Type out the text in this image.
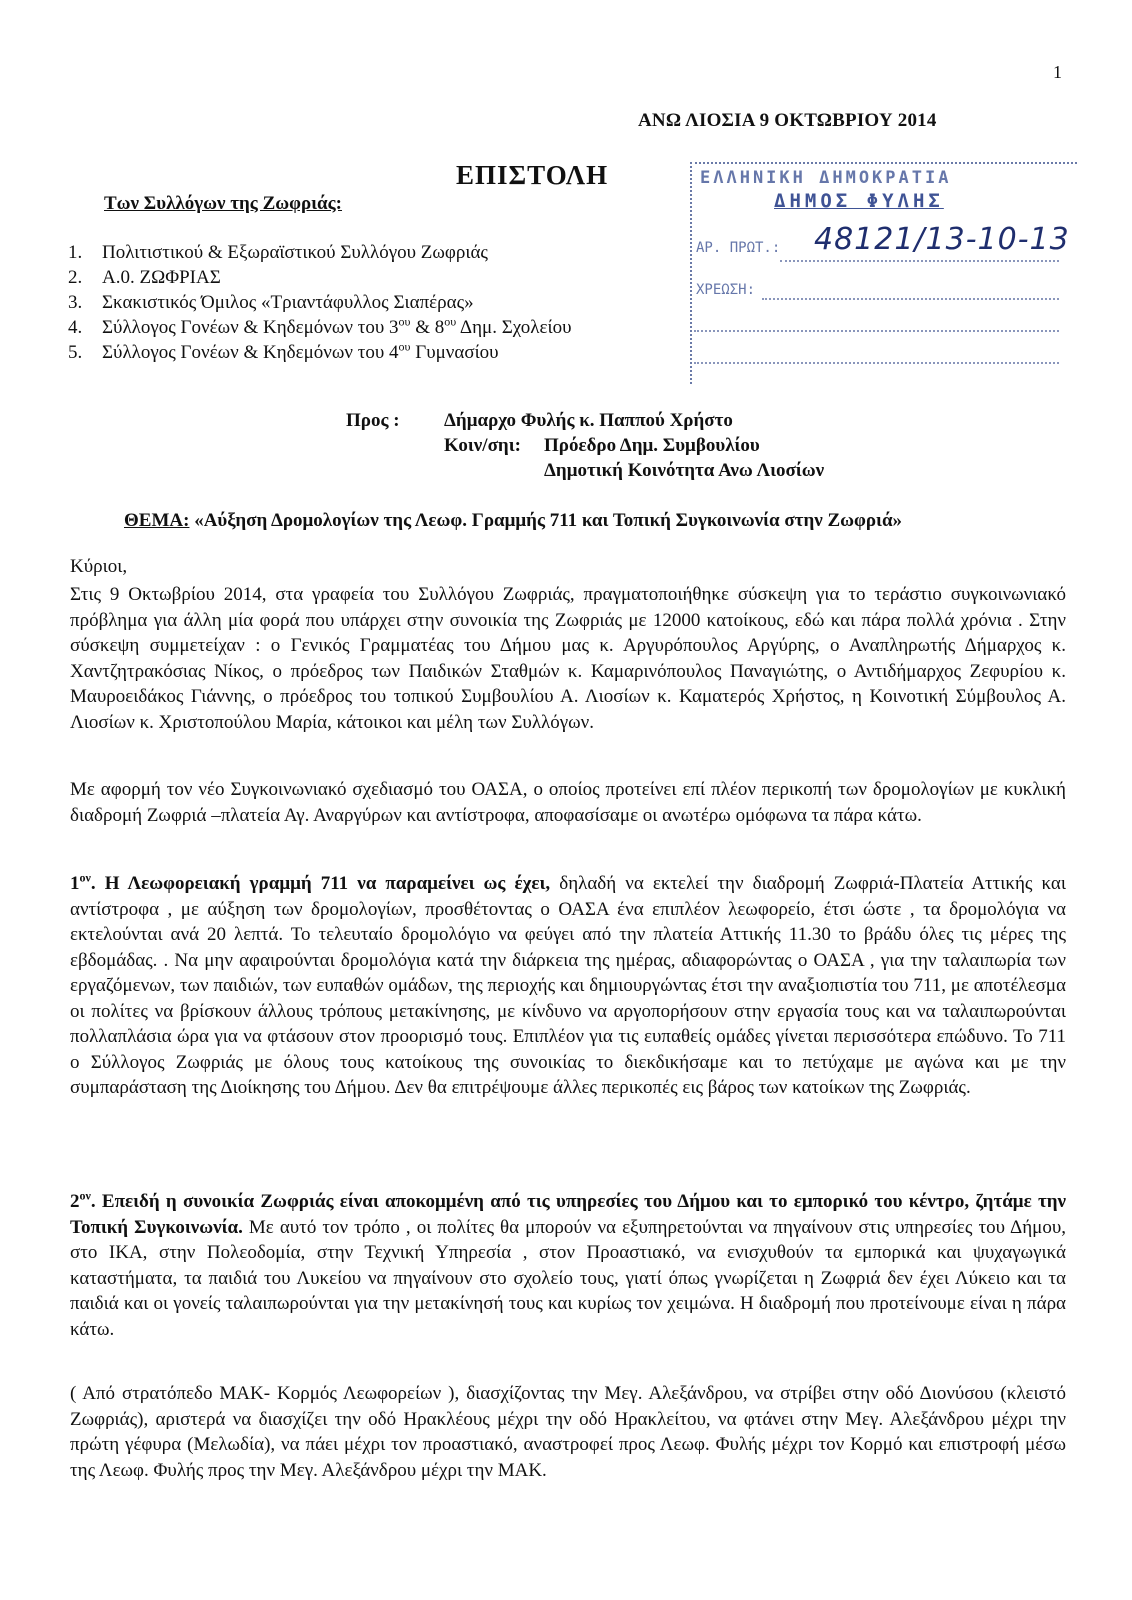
1
ΑΝΩ ΛΙΟΣΙΑ 9 ΟΚΤΩΒΡΙΟΥ 2014
ΕΠΙΣΤΟΛΗ
Των Συλλόγων της Ζωφριάς:
1. Πολιτιστικού & Εξωραϊστικού Συλλόγου Ζωφριάς
2. Α.0. ΖΩΦΡΙΑΣ
3. Σκακιστικός Όμιλος «Τριαντάφυλλος Σιαπέρας»
4. Σύλλογος Γονέων & Κηδεμόνων του $3^{o\upsilon}$ & $8^{o\upsilon}$ Δημ. Σχολείου
5. Σύλλογος Γονέων & Κηδεμόνων του $4^{o\upsilon}$ Γυμνασίου
ΕΛΛΗΝΙΚΗ ΔΗΜΟΚΡΑΤΙΑ
ΔΗΜΟΣ ΦΥΛΗΣ
ΑΡ. ΠΡΩΤ.: 48121/13-10-13
ΧΡΕΩΣΗ:
Προς : Δήμαρχο Φυλής κ. Παππού Χρήστο
Κοιν/σηι: Πρόεδρο Δημ. Συμβουλίου
Δημοτική Κοινότητα Ανω Λιοσίων
ΘΕΜΑ: «Αύξηση Δρομολογίων της Λεωφ. Γραμμής 711 και Τοπική Συγκοινωνία στην Ζωφριά»
Κύριοι,
Στις 9 Οκτωβρίου 2014, στα γραφεία του Συλλόγου Ζωφριάς, πραγματοποιήθηκε σύσκεψη για το τεράστιο συγκοινωνιακό πρόβλημα για άλλη μία φορά που υπάρχει στην συνοικία της Ζωφριάς με 12000 κατοίκους, εδώ και πάρα πολλά χρόνια . Στην σύσκεψη συμμετείχαν : ο Γενικός Γραμματέας του Δήμου μας κ. Αργυρόπουλος Αργύρης, ο Αναπληρωτής Δήμαρχος κ. Χαντζητρακόσιας Νίκος, ο πρόεδρος των Παιδικών Σταθμών κ. Καμαρινόπουλος Παναγιώτης, ο Αντιδήμαρχος Ζεφυρίου κ. Μαυροειδάκος Γιάννης, ο πρόεδρος του τοπικού Συμβουλίου Α. Λιοσίων κ. Καματερός Χρήστος, η Κοινοτική Σύμβουλος Α. Λιοσίων κ. Χριστοπούλου Μαρία, κάτοικοι και μέλη των Συλλόγων.
Με αφορμή τον νέο Συγκοινωνιακό σχεδιασμό του ΟΑΣΑ, ο οποίος προτείνει επί πλέον περικοπή των δρομολογίων με κυκλική διαδρομή Ζωφριά –πλατεία Αγ. Αναργύρων και αντίστροφα, αποφασίσαμε οι ανωτέρω ομόφωνα τα πάρα κάτω.
$1^{o\nu}$. Η Λεωφορειακή γραμμή 711 να παραμείνει ως έχει, δηλαδή να εκτελεί την διαδρομή Ζωφριά-Πλατεία Αττικής και αντίστροφα , με αύξηση των δρομολογίων, προσθέτοντας ο ΟΑΣΑ ένα επιπλέον λεωφορείο, έτσι ώστε , τα δρομολόγια να εκτελούνται ανά 20 λεπτά. Το τελευταίο δρομολόγιο να φεύγει από την πλατεία Αττικής 11.30 το βράδυ όλες τις μέρες της εβδομάδας. . Να μην αφαιρούνται δρομολόγια κατά την διάρκεια της ημέρας, αδιαφορώντας ο ΟΑΣΑ , για την ταλαιπωρία των εργαζόμενων, των παιδιών, των ευπαθών ομάδων, της περιοχής και δημιουργώντας έτσι την αναξιοπιστία του 711, με αποτέλεσμα οι πολίτες να βρίσκουν άλλους τρόπους μετακίνησης, με κίνδυνο να αργοπορήσουν στην εργασία τους και να ταλαιπωρούνται πολλαπλάσια ώρα για να φτάσουν στον προορισμό τους. Επιπλέον για τις ευπαθείς ομάδες γίνεται περισσότερα επώδυνο. Το 711 ο Σύλλογος Ζωφριάς με όλους τους κατοίκους της συνοικίας το διεκδικήσαμε και το πετύχαμε με αγώνα και με την συμπαράσταση της Διοίκησης του Δήμου. Δεν θα επιτρέψουμε άλλες περικοπές εις βάρος των κατοίκων της Ζωφριάς.
$2^{o\nu}$. Επειδή η συνοικία Ζωφριάς είναι αποκομμένη από τις υπηρεσίες του Δήμου και το εμπορικό του κέντρο, ζητάμε την Τοπική Συγκοινωνία. Με αυτό τον τρόπο , οι πολίτες θα μπορούν να εξυπηρετούνται να πηγαίνουν στις υπηρεσίες του Δήμου, στο ΙΚΑ, στην Πολεοδομία, στην Τεχνική Υπηρεσία , στον Προαστιακό, να ενισχυθούν τα εμπορικά και ψυχαγωγικά καταστήματα, τα παιδιά του Λυκείου να πηγαίνουν στο σχολείο τους, γιατί όπως γνωρίζεται η Ζωφριά δεν έχει Λύκειο και τα παιδιά και οι γονείς ταλαιπωρούνται για την μετακίνησή τους και κυρίως τον χειμώνα. Η διαδρομή που προτείνουμε είναι η πάρα κάτω.
( Από στρατόπεδο ΜΑΚ- Κορμός Λεωφορείων ), διασχίζοντας την Μεγ. Αλεξάνδρου, να στρίβει στην οδό Διονύσου (κλειστό Ζωφριάς), αριστερά να διασχίζει την οδό Ηρακλέους μέχρι την οδό Ηρακλείτου, να φτάνει στην Μεγ. Αλεξάνδρου μέχρι την πρώτη γέφυρα (Μελωδία), να πάει μέχρι τον προαστιακό, αναστροφεί προς Λεωφ. Φυλής μέχρι τον Κορμό και επιστροφή μέσω της Λεωφ. Φυλής προς την Μεγ. Αλεξάνδρου μέχρι την ΜΑΚ.
